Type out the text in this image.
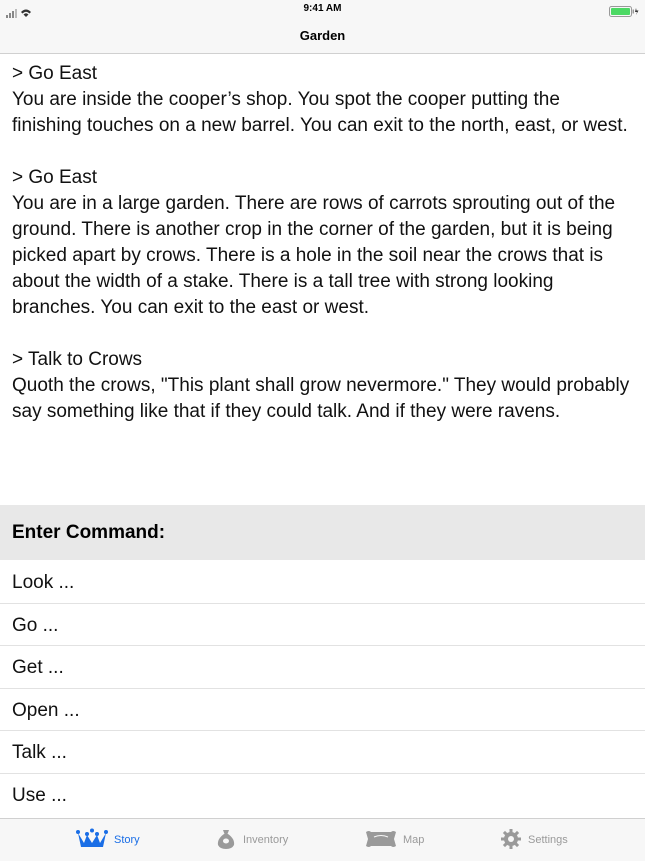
9:41 AM
Garden
> Go East
You are inside the cooper’s shop. You spot the cooper putting the finishing touches on a new barrel. You can exit to the north, east, or west.
> Go East
You are in a large garden. There are rows of carrots sprouting out of the ground. There is another crop in the corner of the garden, but it is being picked apart by crows. There is a hole in the soil near the crows that is about the width of a stake. There is a tall tree with strong looking branches. You can exit to the east or west.
> Talk to Crows
Quoth the crows, "This plant shall grow nevermore." They would probably say something like that if they could talk. And if they were ravens.
Enter Command:
Look ...
Go ...
Get ...
Open ...
Talk ...
Use ...
Story	Inventory	Map	Settings
